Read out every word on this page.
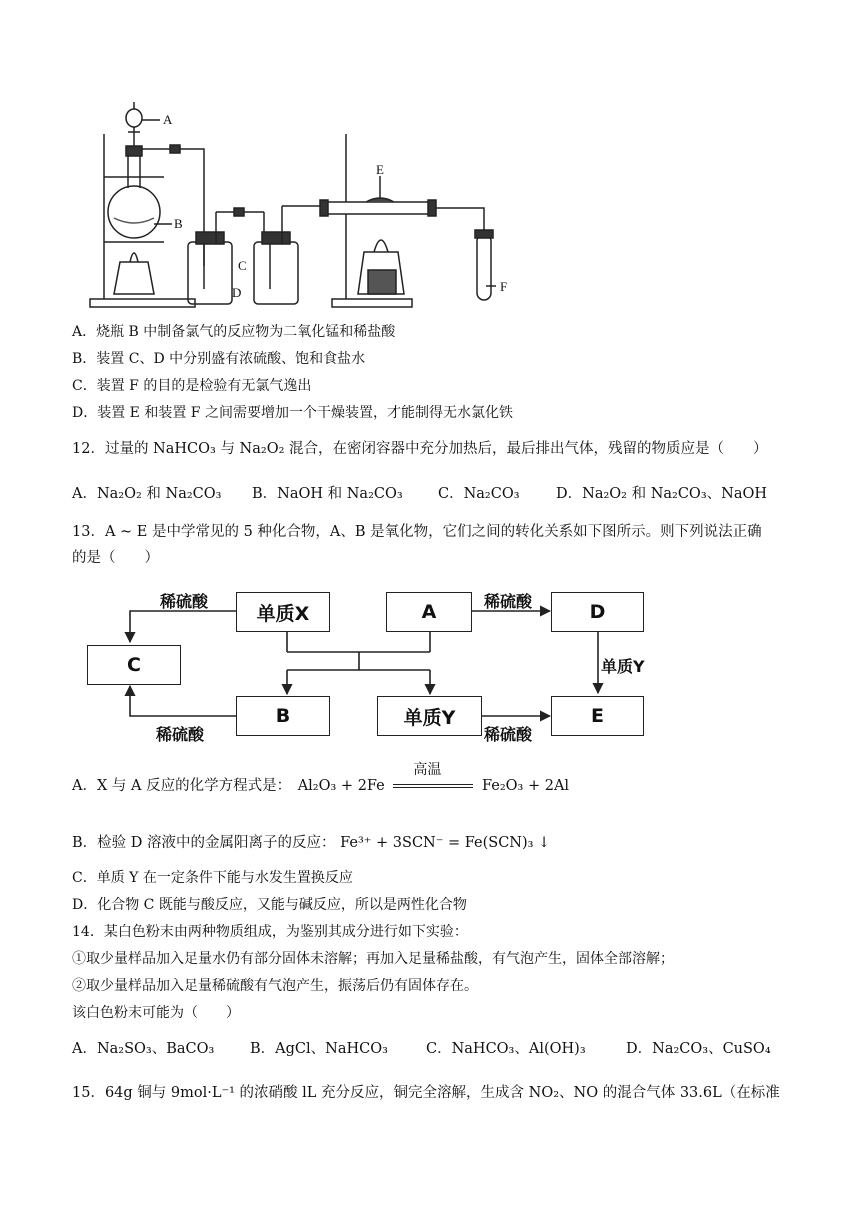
A
B
C
D
E
F
A．烧瓶 B 中制备氯气的反应物为二氧化锰和稀盐酸
B．装置 C、D 中分别盛有浓硫酸、饱和食盐水
C．装置 F 的目的是检验有无氯气逸出
D．装置 E 和装置 F 之间需要增加一个干燥装置，才能制得无水氯化铁
12．过量的 NaHCO₃ 与 Na₂O₂ 混合，在密闭容器中充分加热后，最后排出气体，残留的物质应是（　　）
A．Na₂O₂ 和 Na₂CO₃ B．NaOH 和 Na₂CO₃ C．Na₂CO₃	D．Na₂O₂ 和 Na₂CO₃、NaOH
13．A ~ E 是中学常见的 5 种化合物，A、B 是氧化物，它们之间的转化关系如下图所示。则下列说法正确
的是（　　）
单质X	A	D
C
B	单质Y	E
稀硫酸	稀硫酸
单质Y
稀硫酸	稀硫酸
A．X 与 A 反应的化学方程式是： Al₂O₃ + 2Fe
高温
Fe₂O₃ + 2Al
B．检验 D 溶液中的金属阳离子的反应： Fe³⁺ + 3SCN⁻ = Fe(SCN)₃ ↓
C．单质 Y 在一定条件下能与水发生置换反应
D．化合物 C 既能与酸反应，又能与碱反应，所以是两性化合物
14．某白色粉末由两种物质组成，为鉴别其成分进行如下实验：
①取少量样品加入足量水仍有部分固体未溶解；再加入足量稀盐酸，有气泡产生，固体全部溶解；
②取少量样品加入足量稀硫酸有气泡产生，振荡后仍有固体存在。
该白色粉末可能为（　　）
A．Na₂SO₃、BaCO₃ B．AgCl、NaHCO₃	C．NaHCO₃、Al(OH)₃	D．Na₂CO₃、CuSO₄
15．64g 铜与 9mol·L⁻¹ 的浓硝酸 lL 充分反应，铜完全溶解，生成含 NO₂、NO 的混合气体 33.6L（在标准
